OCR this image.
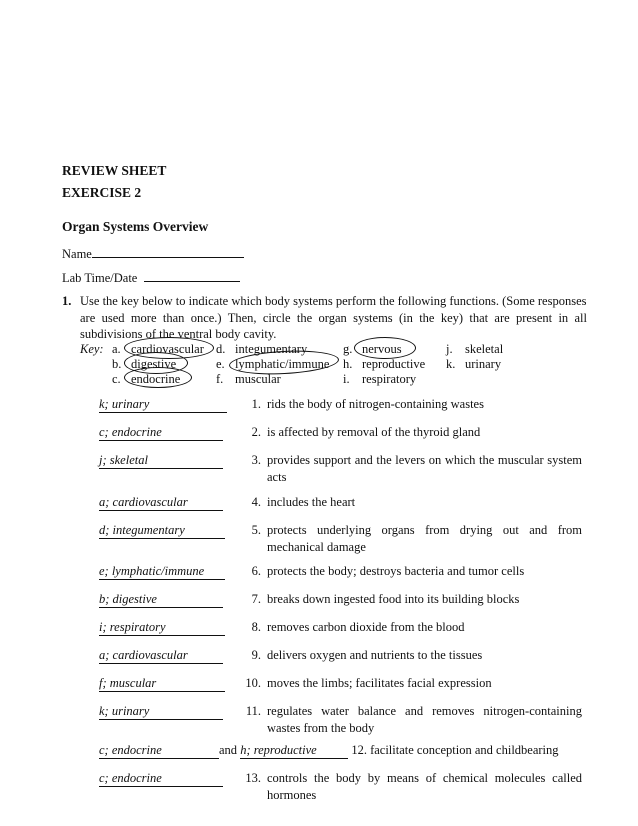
REVIEW SHEET
EXERCISE 2
Organ Systems Overview
Name
Lab Time/Date
1. Use the key below to indicate which body systems perform the following functions. (Some responses
are used more than once.) Then, circle the organ systems (in the key) that are present in all
subdivisions of the ventral body cavity.
Key: a. cardiovascular
b. digestive
c. endocrine
d. integumentary
e. lymphatic/immune
f. muscular
g. nervous
h. reproductive
i. respiratory
j. skeletal
k. urinary
k; urinary	1. rids the body of nitrogen-containing wastes
c; endocrine	2. is affected by removal of the thyroid gland
j; skeletal	3. provides support and the levers on which the muscular system acts
a; cardiovascular	4. includes the heart
d; integumentary	5. protects underlying organs from drying out and from mechanical damage
e; lymphatic/immune	6. protects the body; destroys bacteria and tumor cells
b; digestive	7. breaks down ingested food into its building blocks
i; respiratory	8. removes carbon dioxide from the blood
a; cardiovascular	9. delivers oxygen and nutrients to the tissues
f; muscular	10. moves the limbs; facilitates facial expression
k; urinary	11. regulates water balance and removes nitrogen-containing wastes from the body
c; endocrine	and h; reproductive	12. facilitate conception and childbearing
c; endocrine	13. controls the body by means of chemical molecules called hormones
